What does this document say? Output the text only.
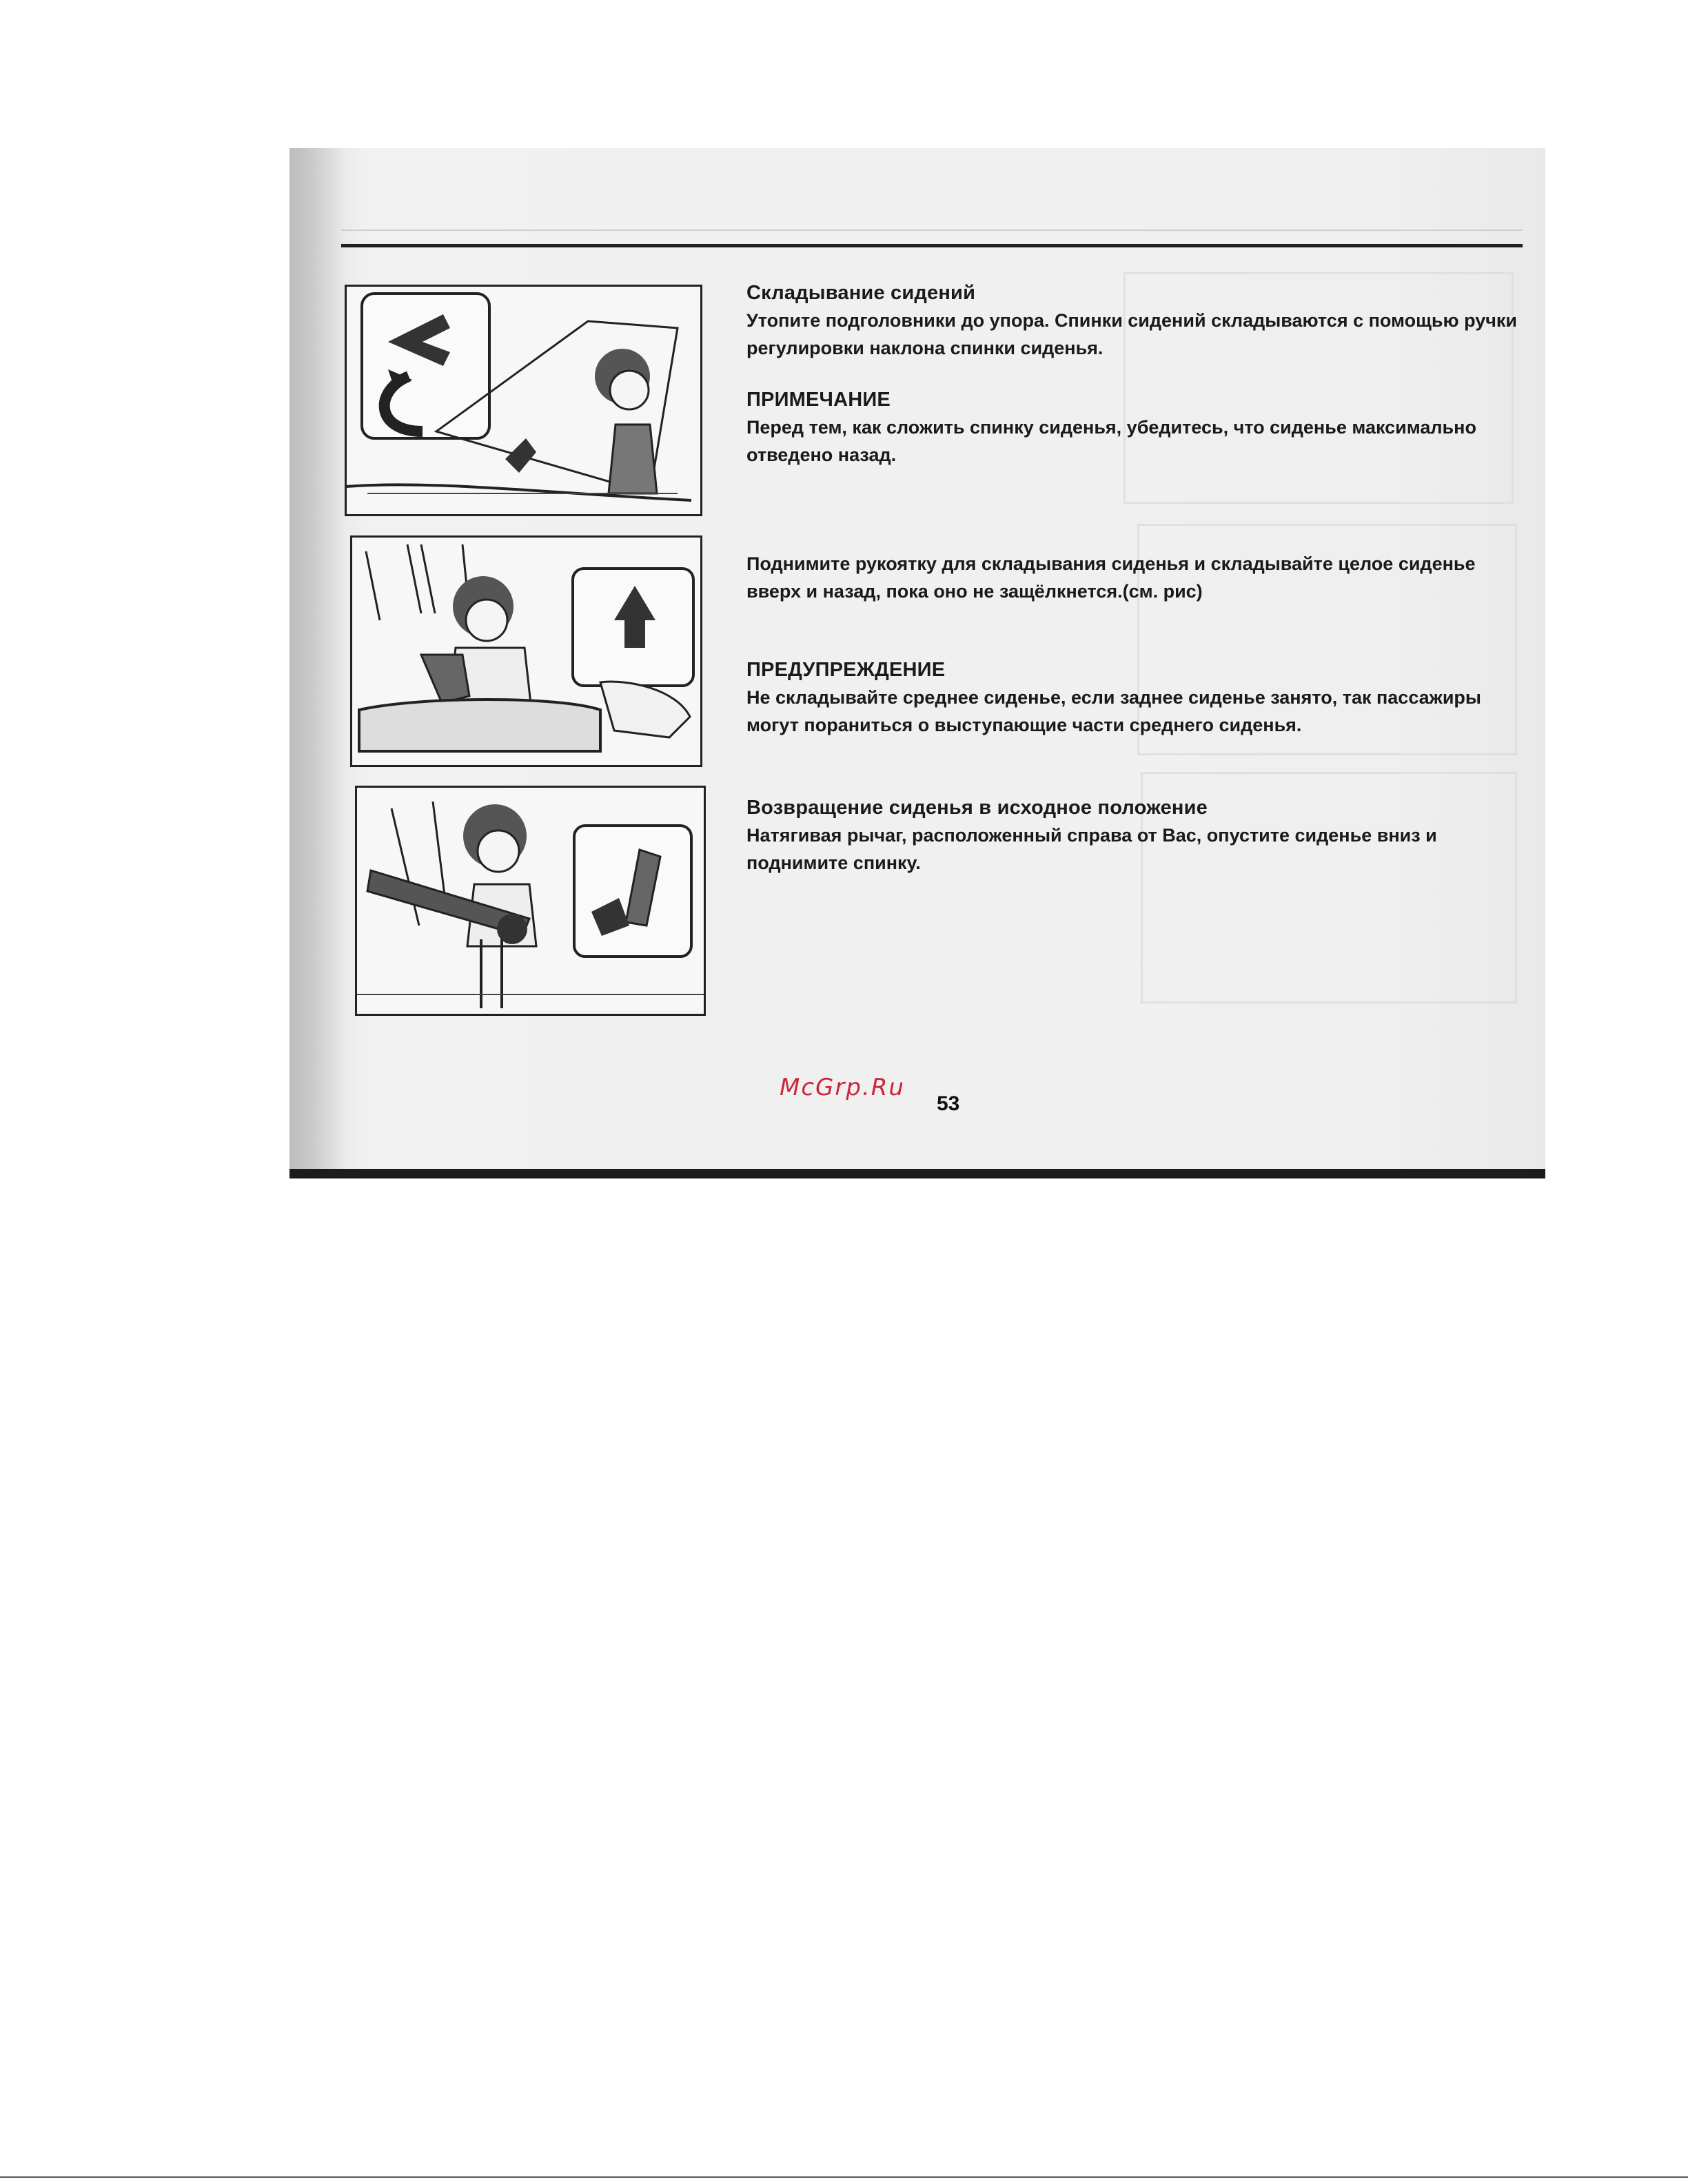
Складывание сидений
Утопите подголовники до упора. Спинки сидений складываются с помощью ручки регулировки наклона спинки сиденья.
ПРИМЕЧАНИЕ
Перед тем, как сложить спинку сиденья, убедитесь, что сиденье максимально отведено назад.
Поднимите рукоятку для складывания сиденья и складывайте целое сиденье вверх и назад, пока оно не защёлкнется.(см. рис)
ПРЕДУПРЕЖДЕНИЕ
Не складывайте среднее сиденье, если заднее сиденье занято, так пассажиры могут пораниться о выступающие части среднего сиденья.
Возвращение сиденья в исходное положение
Натягивая рычаг, расположенный справа от Вас, опустите сиденье вниз и поднимите спинку.
McGrp.Ru
53
